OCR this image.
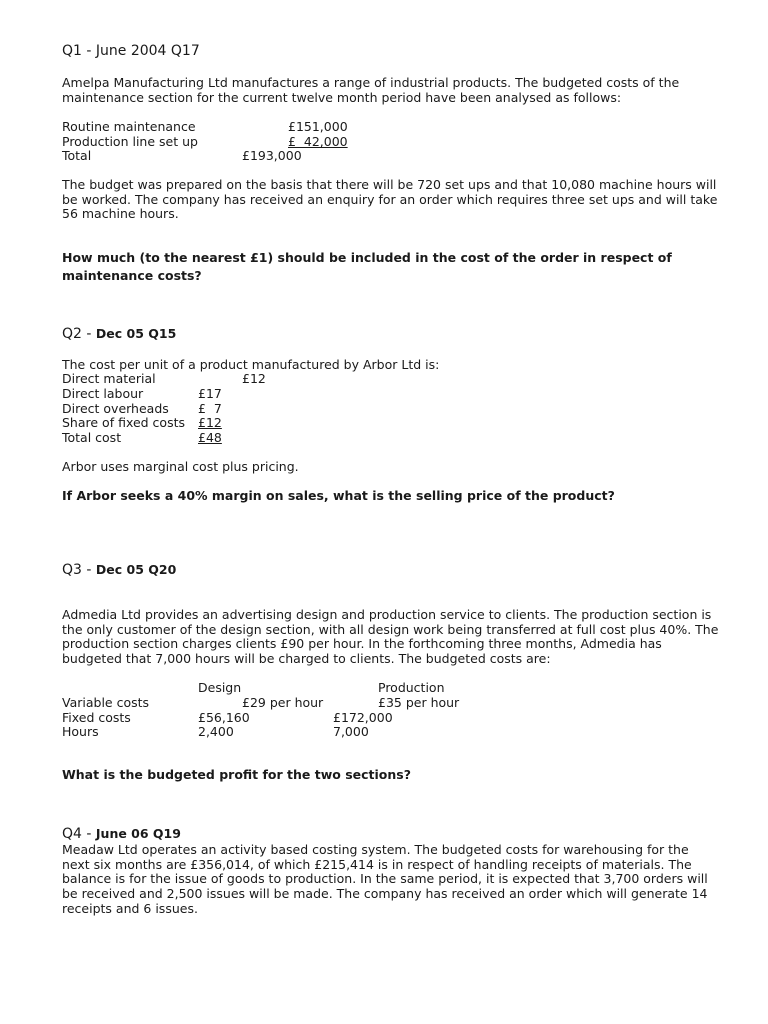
Q1 - June 2004 Q17
Amelpa Manufacturing Ltd manufactures a range of industrial products. The budgeted costs of the
maintenance section for the current twelve month period have been analysed as follows:
Routine maintenance	£151,000
Production line set up	£  42,000
Total	£193,000
The budget was prepared on the basis that there will be 720 set ups and that 10,080 machine hours will
be worked. The company has received an enquiry for an order which requires three set ups and will take
56 machine hours.
How much (to the nearest £1) should be included in the cost of the order in respect of
maintenance costs?
Q2 - Dec 05 Q15
The cost per unit of a product manufactured by Arbor Ltd is:
Direct material	£12
Direct labour	£17
Direct overheads £  7
Share of fixed costs £12
Total cost	£48
Arbor uses marginal cost plus pricing.
If Arbor seeks a 40% margin on sales, what is the selling price of the product?
Q3 - Dec 05 Q20
Admedia Ltd provides an advertising design and production service to clients. The production section is
the only customer of the design section, with all design work being transferred at full cost plus 40%. The
production section charges clients £90 per hour. In the forthcoming three months, Admedia has
budgeted that 7,000 hours will be charged to clients. The budgeted costs are:
Design	Production
Variable costs	£29 per hour	£35 per hour
Fixed costs	£56,160	£172,000
Hours	2,400	7,000
What is the budgeted profit for the two sections?
Q4 - June 06 Q19
Meadaw Ltd operates an activity based costing system. The budgeted costs for warehousing for the
next six months are £356,014, of which £215,414 is in respect of handling receipts of materials. The
balance is for the issue of goods to production. In the same period, it is expected that 3,700 orders will
be received and 2,500 issues will be made. The company has received an order which will generate 14
receipts and 6 issues.
